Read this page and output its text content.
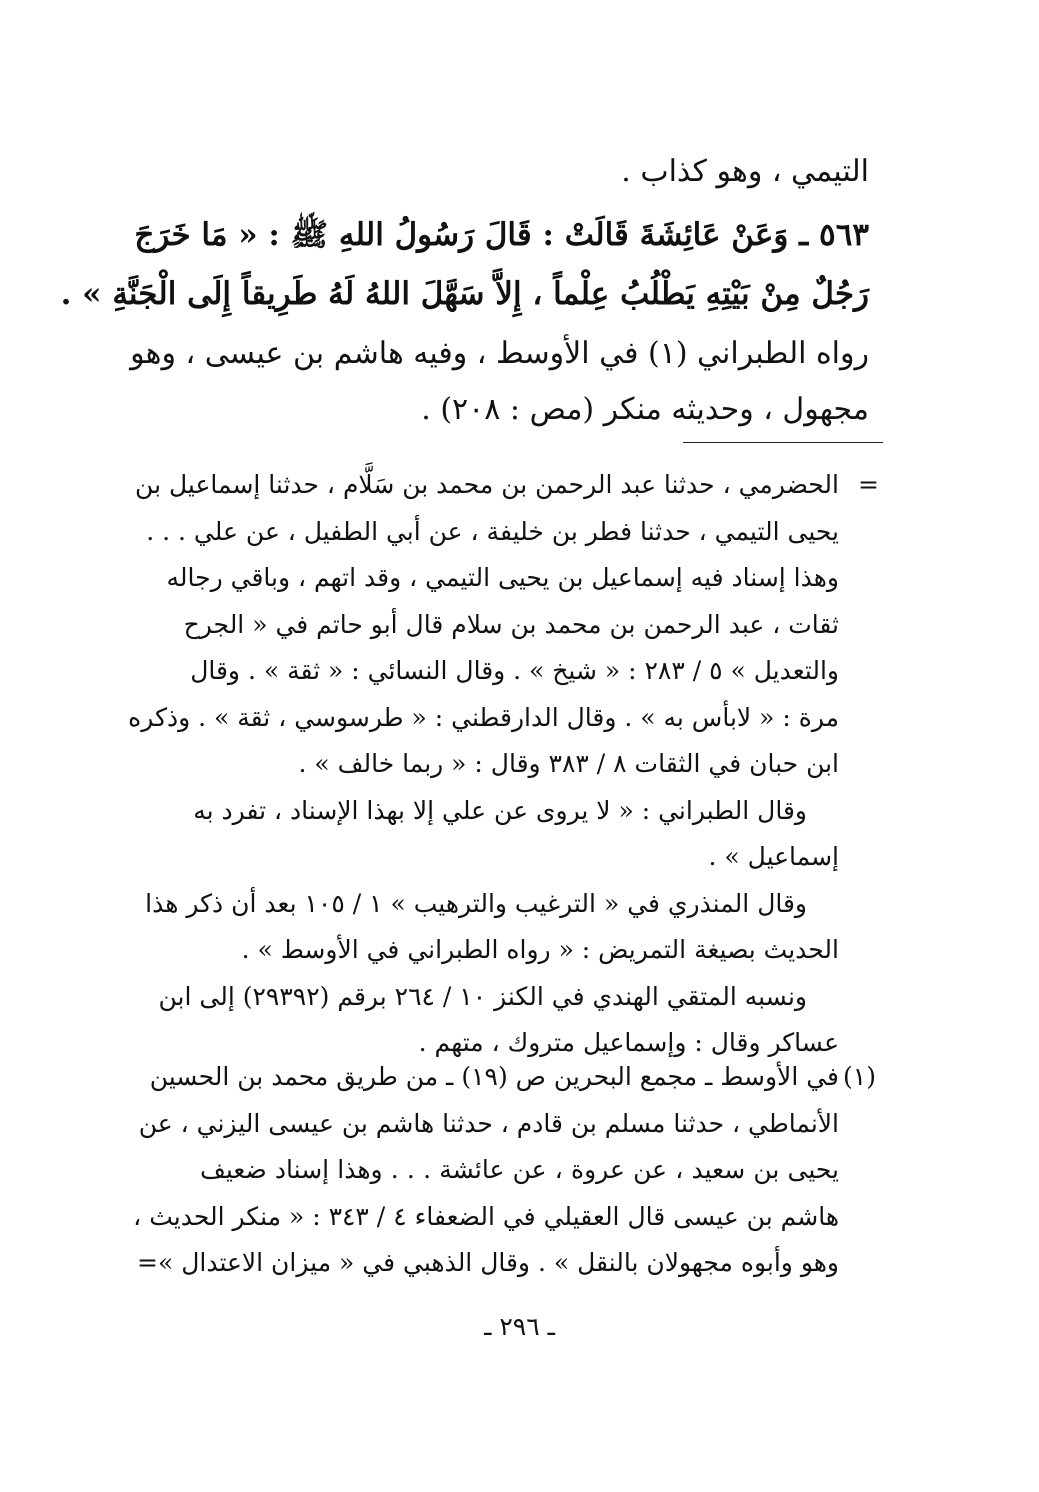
التيمي ، وهو كذاب .
٥٦٣ ـ وَعَنْ عَائِشَةَ قَالَتْ : قَالَ رَسُولُ اللهِ ﷺ : « مَا خَرَجَ
رَجُلٌ مِنْ بَيْتِهِ يَطْلُبُ عِلْماً ، إِلاَّ سَهَّلَ اللهُ لَهُ طَرِيقاً إِلَى الْجَنَّةِ » .
رواه الطبراني (١) في الأوسط ، وفيه هاشم بن عيسى ، وهو
مجهول ، وحديثه منكر (مص : ٢٠٨) .
=
الحضرمي ، حدثنا عبد الرحمن بن محمد بن سَلَّام ، حدثنا إسماعيل بن
يحيى التيمي ، حدثنا فطر بن خليفة ، عن أبي الطفيل ، عن علي . . .
وهذا إسناد فيه إسماعيل بن يحيى التيمي ، وقد اتهم ، وباقي رجاله
ثقات ، عبد الرحمن بن محمد بن سلام قال أبو حاتم في « الجرح
والتعديل » ٥ / ٢٨٣ : « شيخ » . وقال النسائي : « ثقة » . وقال
مرة : « لابأس به » . وقال الدارقطني : « طرسوسي ، ثقة » . وذكره
ابن حبان في الثقات ٨ / ٣٨٣ وقال : « ربما خالف » .
وقال الطبراني : « لا يروى عن علي إلا بهذا الإسناد ، تفرد به
إسماعيل » .
وقال المنذري في « الترغيب والترهيب » ١ / ١٠٥ بعد أن ذكر هذا
الحديث بصيغة التمريض : « رواه الطبراني في الأوسط » .
ونسبه المتقي الهندي في الكنز ١٠ / ٢٦٤ برقم (٢٩٣٩٢) إلى ابن
عساكر وقال : وإسماعيل متروك ، متهم .
(١)
في الأوسط ـ مجمع البحرين ص (١٩) ـ من طريق محمد بن الحسين
الأنماطي ، حدثنا مسلم بن قادم ، حدثنا هاشم بن عيسى اليزني ، عن
يحيى بن سعيد ، عن عروة ، عن عائشة . . . وهذا إسناد ضعيف
هاشم بن عيسى قال العقيلي في الضعفاء ٤ / ٣٤٣ : « منكر الحديث ،
وهو وأبوه مجهولان بالنقل » . وقال الذهبي في « ميزان الاعتدال »=
ـ ٢٩٦ ـ
